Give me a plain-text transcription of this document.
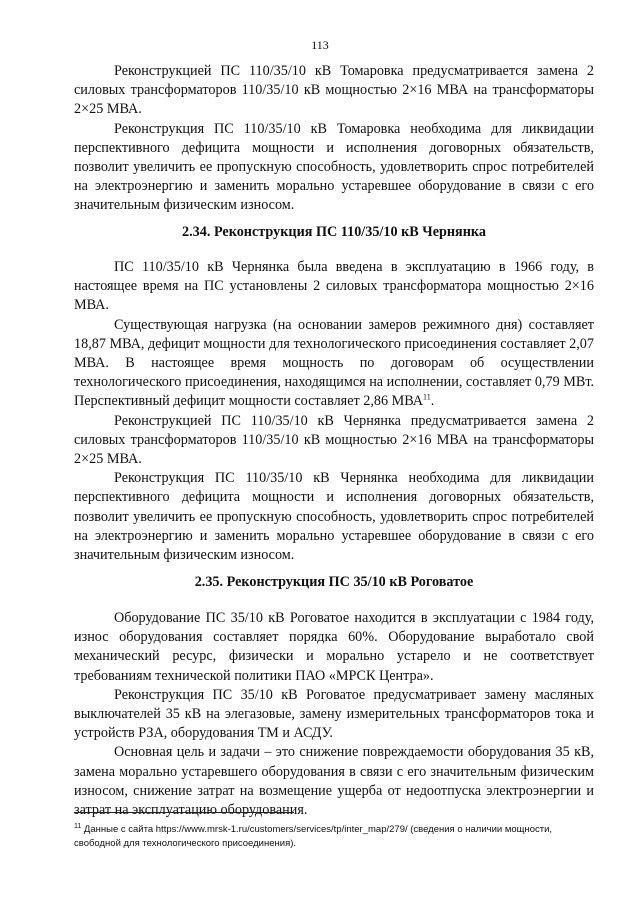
113

Реконструкцией ПС 110/35/10 кВ Томаровка предусматривается замена 2 силовых трансформаторов 110/35/10 кВ мощностью 2×16 МВА на трансформаторы 2×25 МВА.

Реконструкция ПС 110/35/10 кВ Томаровка необходима для ликвидации перспективного дефицита мощности и исполнения договорных обязательств, позволит увеличить ее пропускную способность, удовлетворить спрос потребителей на электроэнергию и заменить морально устаревшее оборудование в связи с его значительным физическим износом.

2.34. Реконструкция ПС 110/35/10 кВ Чернянка

ПС 110/35/10 кВ Чернянка была введена в эксплуатацию в 1966 году, в настоящее время на ПС установлены 2 силовых трансформатора мощностью 2×16 МВА.

Существующая нагрузка (на основании замеров режимного дня) составляет 18,87 МВА, дефицит мощности для технологического присоединения составляет 2,07 МВА. В настоящее время мощность по договорам об осуществлении технологического присоединения, находящимся на исполнении, составляет 0,79 МВт. Перспективный дефицит мощности составляет 2,86 МВА$^{11}$.

Реконструкцией ПС 110/35/10 кВ Чернянка предусматривается замена 2 силовых трансформаторов 110/35/10 кВ мощностью 2×16 МВА на трансформаторы 2×25 МВА.

Реконструкция ПС 110/35/10 кВ Чернянка необходима для ликвидации перспективного дефицита мощности и исполнения договорных обязательств, позволит увеличить ее пропускную способность, удовлетворить спрос потребителей на электроэнергию и заменить морально устаревшее оборудование в связи с его значительным физическим износом.

2.35. Реконструкция ПС 35/10 кВ Роговатое

Оборудование ПС 35/10 кВ Роговатое находится в эксплуатации с 1984 году, износ оборудования составляет порядка 60%. Оборудование выработало свой механический ресурс, физически и морально устарело и не соответствует требованиям технической политики ПАО «МРСК Центра».

Реконструкция ПС 35/10 кВ Роговатое предусматривает замену масляных выключателей 35 кВ на элегазовые, замену измерительных трансформаторов тока и устройств РЗА, оборудования ТМ и АСДУ.

Основная цель и задачи – это снижение повреждаемости оборудования 35 кВ, замена морально устаревшего оборудования в связи с его значительным физическим износом, снижение затрат на возмещение ущерба от недоотпуска электроэнергии и затрат на эксплуатацию оборудования.

$^{11}$ Данные с сайта https://www.mrsk-1.ru/customers/services/tp/inter_map/279/ (сведения о наличии мощности, свободной для технологического присоединения).
